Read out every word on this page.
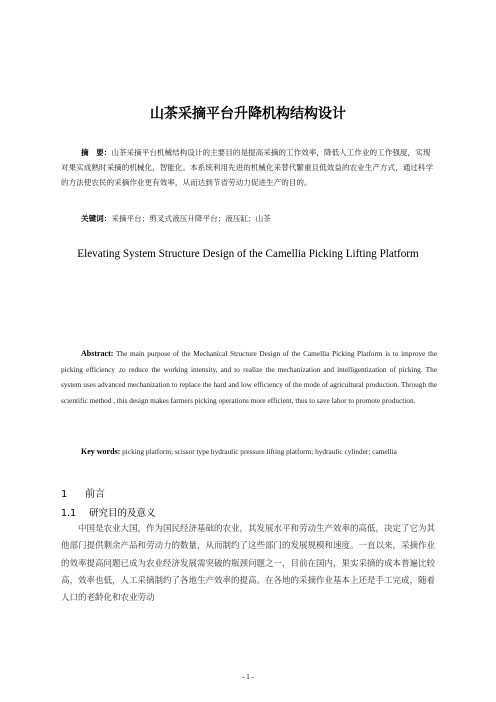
山茶采摘平台升降机构结构设计
摘　要：山茶采摘平台机械结构设计的主要目的是提高采摘的工作效率，降低人工作业的工作强度，实现对果实成熟时采摘的机械化，智能化。本系统利用先进的机械化来替代繁重且低效益的农业生产方式，通过科学的方法使农民的采摘作业更有效率，从而达到节省劳动力促进生产的目的。
关键词：采摘平台；剪叉式液压升降平台；液压缸；山茶
Elevating System Structure Design of the Camellia Picking Lifting Platform
Abstract: The main purpose of the Mechanical Structure Design of the Camellia Picking Platform is to improve the picking efficiency ,to reduce the working intensity, and to realize the mechanization and intelligentization of picking. The system uses advanced mechanization to replace the hard and low efficiency of the mode of agricultural production. Through the scientific method , this design makes farmers picking operations more efficient, thus to save labor to promote production.
Key words: picking platform; scissor type hydraulic pressure lifting platform; hydraulic cylinder; camellia
1 前言
1.1 研究目的及意义
中国是农业大国，作为国民经济基础的农业，其发展水平和劳动生产效率的高低，决定了它为其他部门提供剩余产品和劳动力的数量，从而制约了这些部门的发展规模和速度。一直以来，采摘作业的效率提高问题已成为农业经济发展需突破的瓶颈问题之一，目前在国内，果实采摘的成本普遍比较高，效率也低，人工采摘制约了各地生产效率的提高。在各地的采摘作业基本上还是手工完成，随着人口的老龄化和农业劳动
- 1 -
